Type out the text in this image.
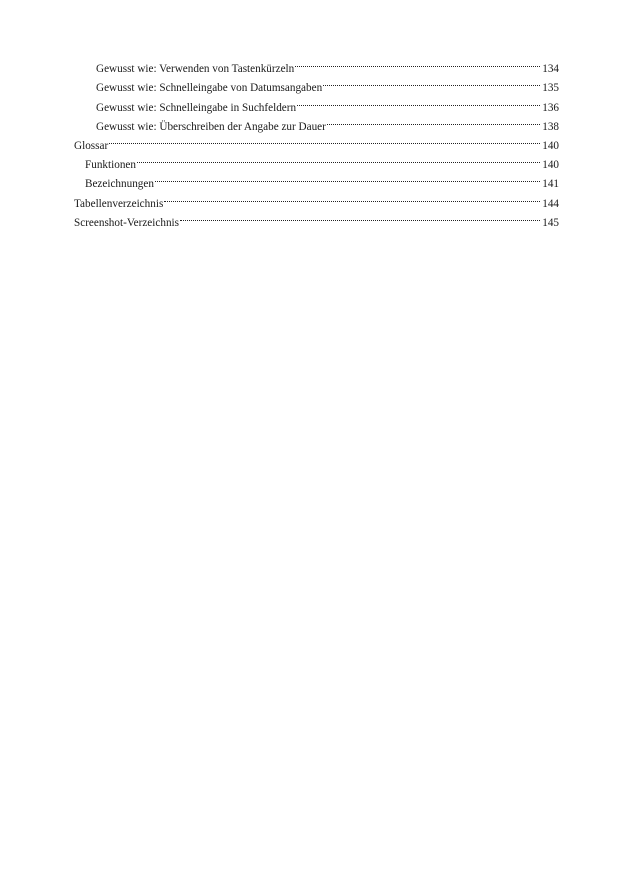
Gewusst wie: Verwenden von Tastenkürzeln	134
Gewusst wie: Schnelleingabe von Datumsangaben	135
Gewusst wie: Schnelleingabe in Suchfeldern	136
Gewusst wie: Überschreiben der Angabe zur Dauer	138
Glossar	140
Funktionen	140
Bezeichnungen	141
Tabellenverzeichnis	144
Screenshot-Verzeichnis	145
